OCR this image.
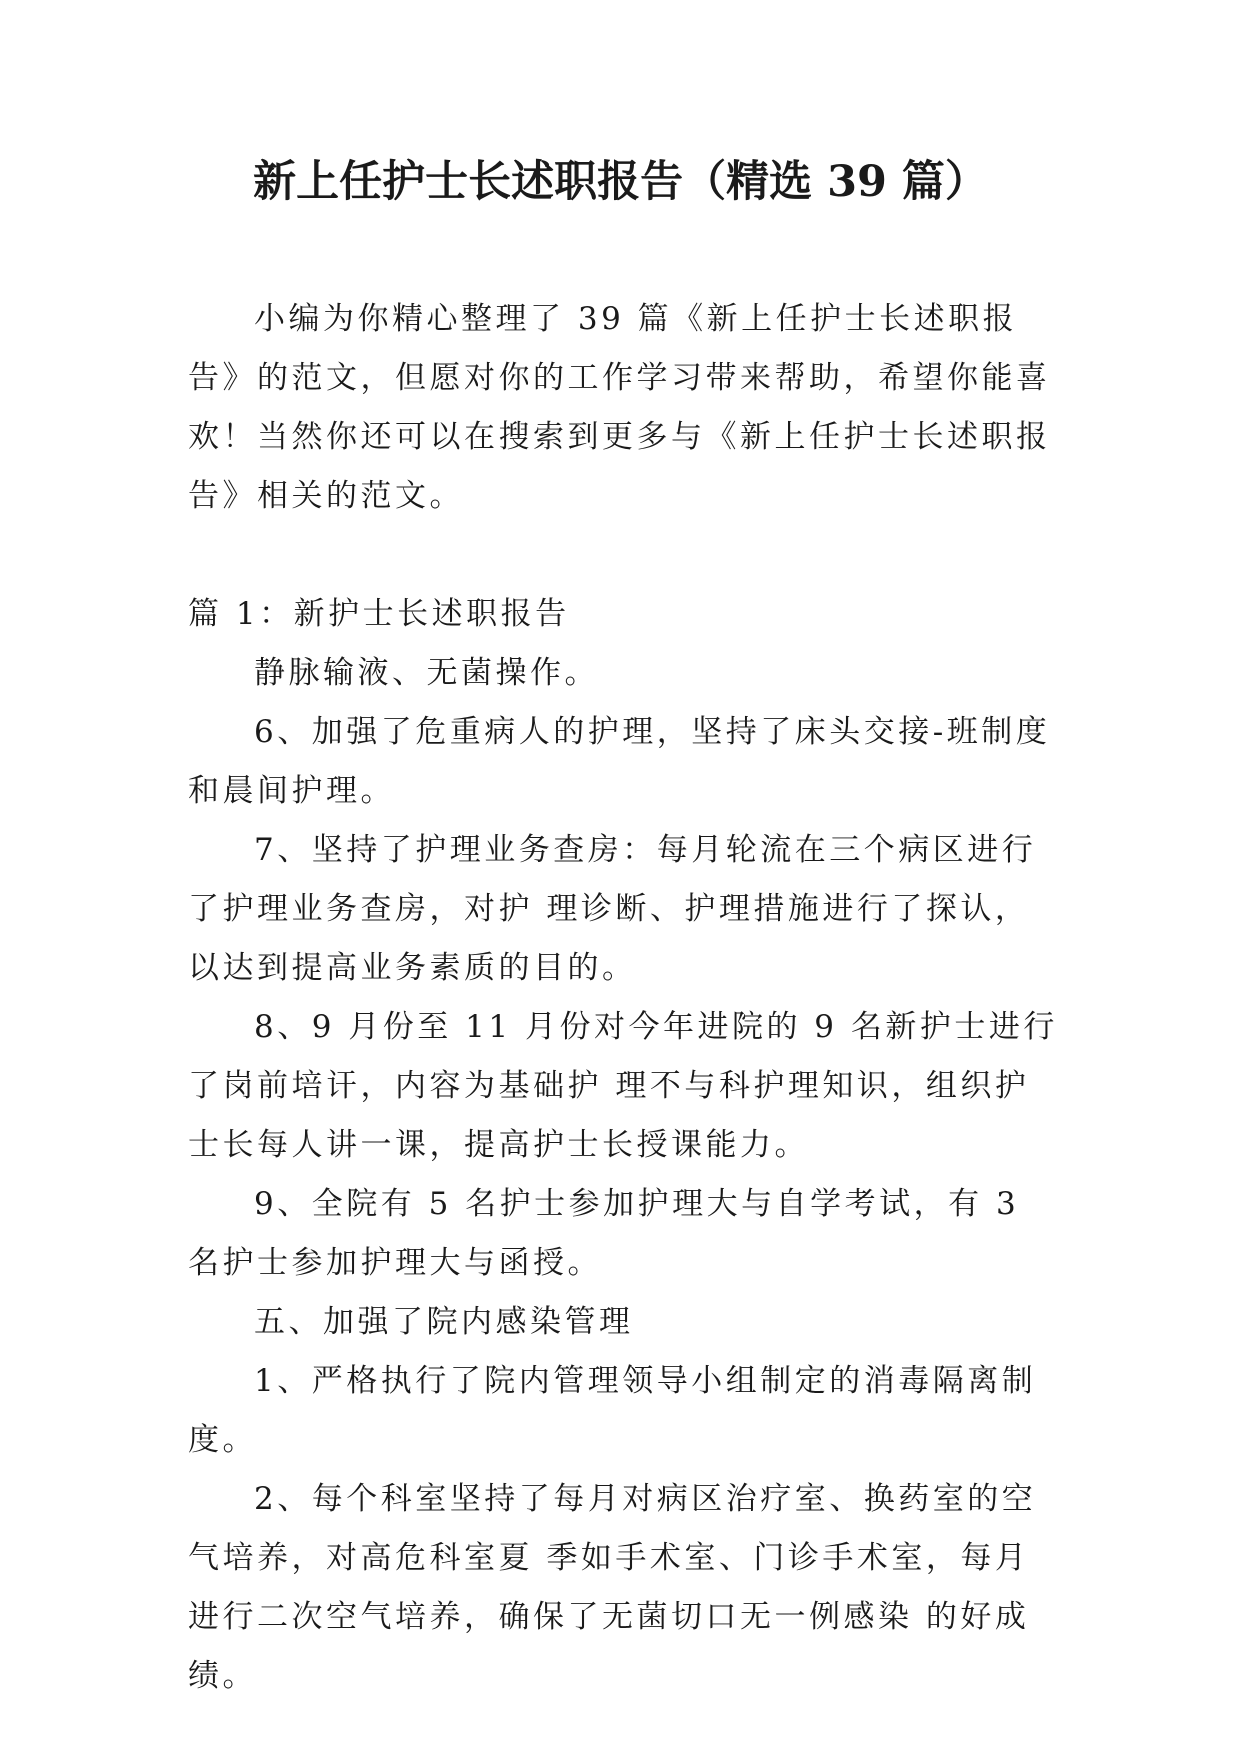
新上任护士长述职报告（精选 39 篇）

小编为你精心整理了 39 篇《新上任护士长述职报告》的范文，但愿对你的工作学习带来帮助，希望你能喜欢！当然你还可以在搜索到更多与《新上任护士长述职报告》相关的范文。

篇 1：新护士长述职报告

静脉输液、无菌操作。

6、加强了危重病人的护理，坚持了床头交接-班制度和晨间护理。

7、坚持了护理业务查房：每月轮流在三个病区进行了护理业务查房，对护 理诊断、护理措施进行了探认，以达到提高业务素质的目的。

8、9 月份至 11 月份对今年进院的 9 名新护士进行了岗前培讦，内容为基础护 理不与科护理知识，组织护士长每人讲一课，提高护士长授课能力。

9、全院有 5 名护士参加护理大与自学考试，有 3 名护士参加护理大与函授。

五、加强了院内感染管理

1、严格执行了院内管理领导小组制定的消毒隔离制度。

2、每个科室坚持了每月对病区治疗室、换药室的空气培养，对高危科室夏 季如手术室、门诊手术室，每月进行二次空气培养，确保了无菌切口无一例感染 的好成绩。
